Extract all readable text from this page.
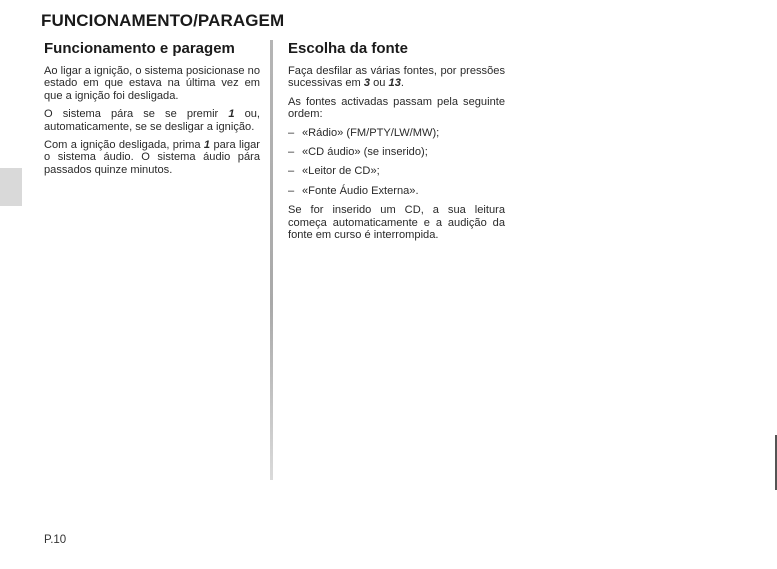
FUNCIONAMENTO/PARAGEM
Funcionamento e paragem

Ao ligar a ignição, o sistema posicionase no estado em que estava na última vez em que a ignição foi desligada.

O sistema pára se se premir 1 ou, automaticamente, se se desligar a ignição.

Com a ignição desligada, prima 1 para ligar o sistema áudio. O sistema áudio pára passados quinze minutos.

Escolha da fonte

Faça desfilar as várias fontes, por pressões sucessivas em 3 ou 13.

As fontes activadas passam pela seguinte ordem:

– «Rádio» (FM/PTY/LW/MW);
– «CD áudio» (se inserido);
– «Leitor de CD»;
– «Fonte Áudio Externa».

Se for inserido um CD, a sua leitura começa automaticamente e a audição da fonte em curso é interrompida.

P.10
